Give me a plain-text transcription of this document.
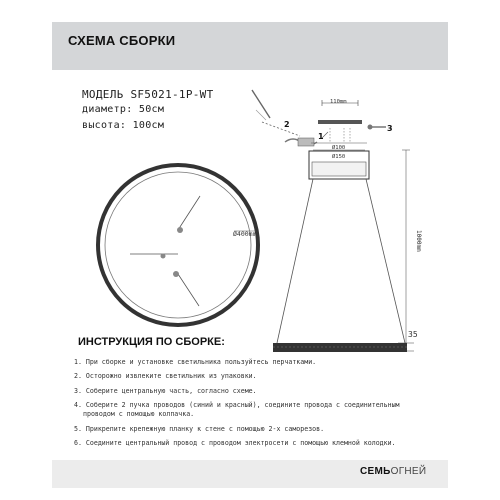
СХЕМА СБОРКИ
МОДЕЛЬ SF5021-1P-WT
диаметр: 50см
высота: 100см
Ø400mm
2	3
110mm
1
Ø100
Ø150
1000mm
35
ИНСТРУКЦИЯ ПО СБОРКЕ:
1. При сборке и установке светильника пользуйтесь перчатками.
2. Осторожно извлеките светильник из упаковки.
3. Соберите центральную часть, согласно схеме.
4. Соберите 2 пучка проводов (синий и красный), соедините провода с соединительным
проводом с помощью колпачка.
5. Прикрепите крепежную планку к стене с помощью 2-х саморезов.
6. Соедините центральный провод с проводом электросети с помощью клемной колодки.
СЕМЬОГНЕЙ
